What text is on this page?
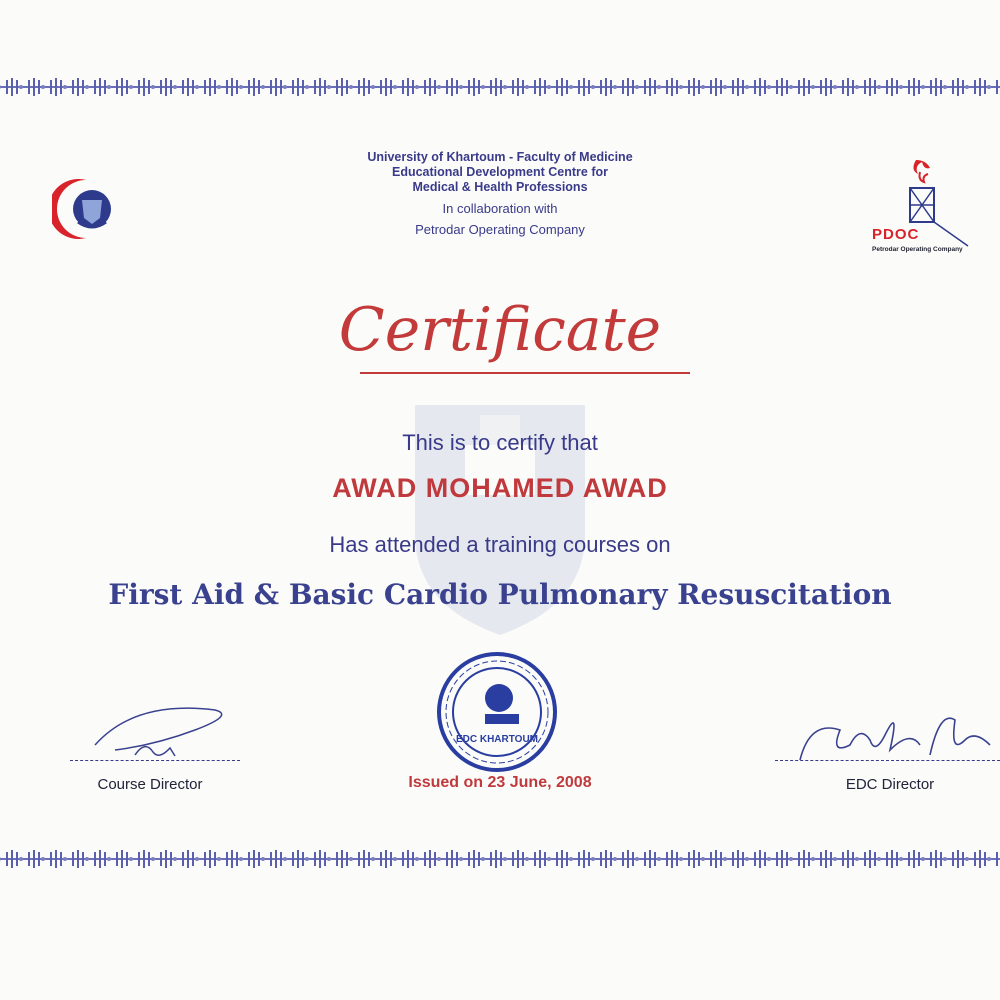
University of Khartoum - Faculty of Medicine
Educational Development Centre for
Medical & Health Professions
In collaboration with
Petrodar Operating Company	PDOC
Petrodar Operating Company
Certificate
This is to certify that
AWAD MOHAMED AWAD
Has attended a training courses on
First Aid & Basic Cardio Pulmonary Resuscitation
Course Director
EDC KHARTOUM
Issued on 23 June, 2008	EDC Director
